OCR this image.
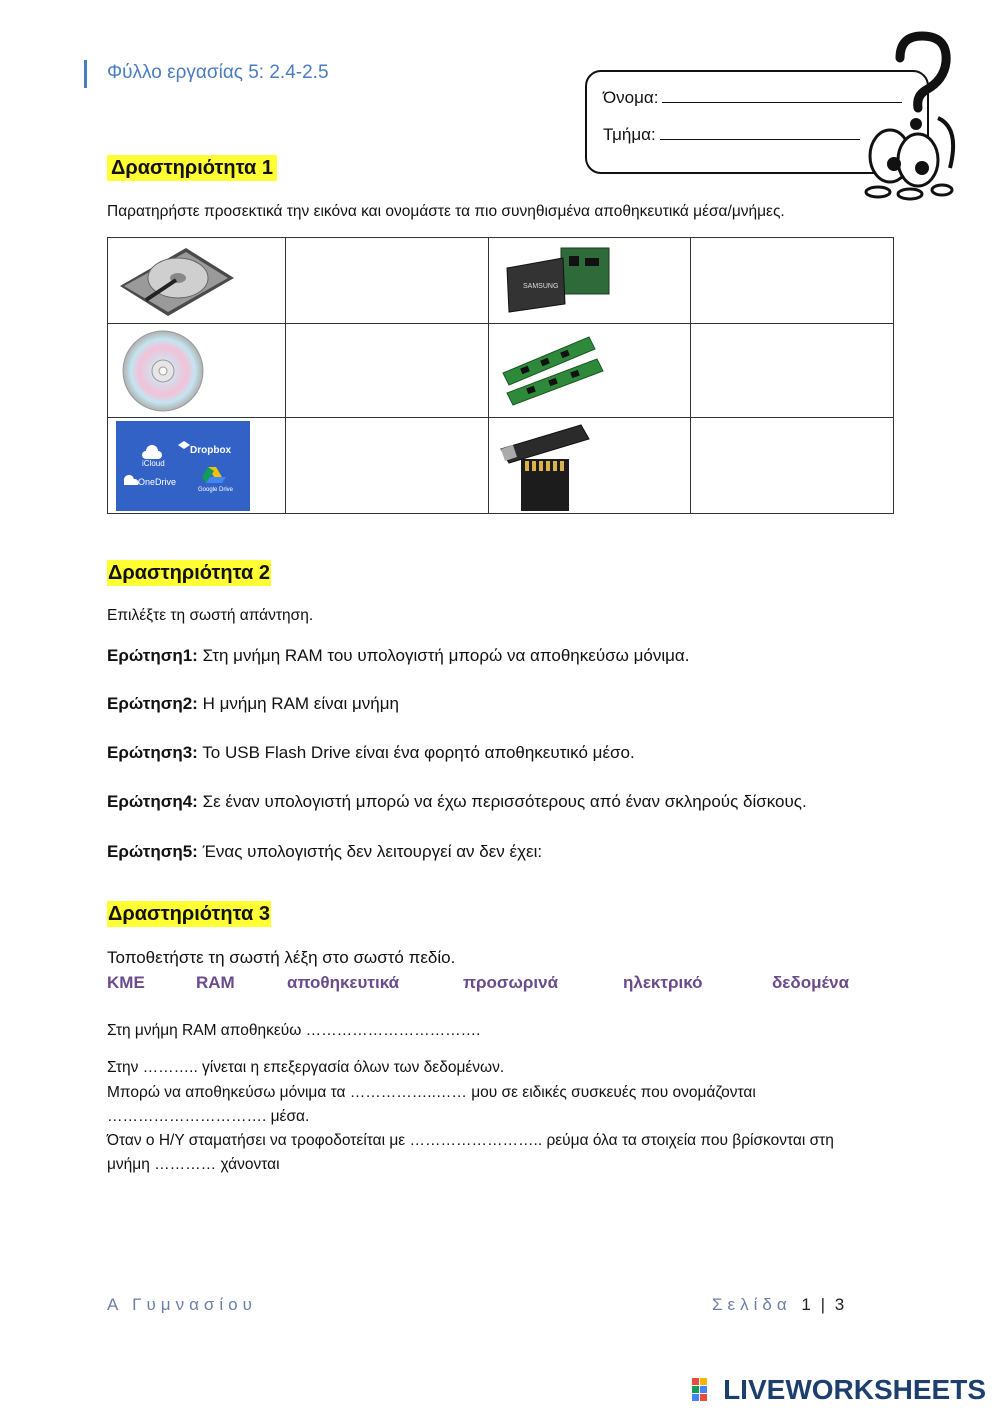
Φύλλο εργασίας 5: 2.4-2.5
Όνομα:
Τμήμα:
Δραστηριότητα 1
Παρατηρήστε προσεκτικά την εικόνα και ονομάστε τα πιο συνηθισμένα αποθηκευτικά μέσα/μνήμες.

SAMSUNG	

iCloud
Dropbox
OneDrive
Google Drive

Δραστηριότητα 2
Επιλέξτε τη σωστή απάντηση.
Ερώτηση1: Στη μνήμη RAM του υπολογιστή μπορώ να αποθηκεύσω μόνιμα.
Ερώτηση2: Η μνήμη RAM είναι μνήμη
Ερώτηση3: Το USB Flash Drive είναι ένα φορητό αποθηκευτικό μέσο.
Ερώτηση4: Σε έναν υπολογιστή μπορώ να έχω περισσότερους από έναν σκληρούς δίσκους.
Ερώτηση5: Ένας υπολογιστής δεν λειτουργεί αν δεν έχει:
Δραστηριότητα 3
Τοποθετήστε τη σωστή λέξη στο σωστό πεδίο.
ΚΜΕ	RAM	αποθηκευτικά	προσωρινά	ηλεκτρικό	δεδομένα
Στη μνήμη RAM αποθηκεύω …………………………….
Στην ……….. γίνεται η επεξεργασία όλων των δεδομένων.
Μπορώ να αποθηκεύσω μόνιμα τα ……………..…… μου σε ειδικές συσκευές που ονομάζονται
…………………………. μέσα.
Όταν ο Η/Υ σταματήσει να τροφοδοτείται με …………………….. ρεύμα όλα τα στοιχεία που βρίσκονται στη
μνήμη ………… χάνονται
Α Γυμνασίου	Σελίδα 1 | 3
LIVEWORKSHEETS
